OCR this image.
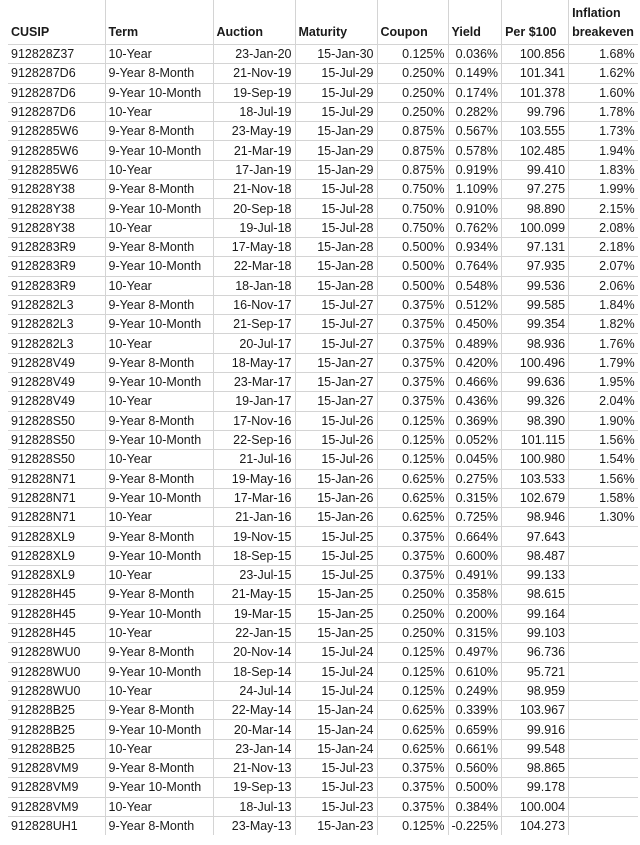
CUSIP	Term	Auction	Maturity	Coupon	Yield	Per $100	Inflation
breakeven
912828Z37	10-Year	23-Jan-20	15-Jan-30	0.125%	0.036%	100.856	1.68%
9128287D6	9-Year 8-Month	21-Nov-19	15-Jul-29	0.250%	0.149%	101.341	1.62%
9128287D6	9-Year 10-Month	19-Sep-19	15-Jul-29	0.250%	0.174%	101.378	1.60%
9128287D6	10-Year	18-Jul-19	15-Jul-29	0.250%	0.282%	99.796	1.78%
9128285W6	9-Year 8-Month	23-May-19	15-Jan-29	0.875%	0.567%	103.555	1.73%
9128285W6	9-Year 10-Month	21-Mar-19	15-Jan-29	0.875%	0.578%	102.485	1.94%
9128285W6	10-Year	17-Jan-19	15-Jan-29	0.875%	0.919%	99.410	1.83%
912828Y38	9-Year 8-Month	21-Nov-18	15-Jul-28	0.750%	1.109%	97.275	1.99%
912828Y38	9-Year 10-Month	20-Sep-18	15-Jul-28	0.750%	0.910%	98.890	2.15%
912828Y38	10-Year	19-Jul-18	15-Jul-28	0.750%	0.762%	100.099	2.08%
9128283R9	9-Year 8-Month	17-May-18	15-Jan-28	0.500%	0.934%	97.131	2.18%
9128283R9	9-Year 10-Month	22-Mar-18	15-Jan-28	0.500%	0.764%	97.935	2.07%
9128283R9	10-Year	18-Jan-18	15-Jan-28	0.500%	0.548%	99.536	2.06%
9128282L3	9-Year 8-Month	16-Nov-17	15-Jul-27	0.375%	0.512%	99.585	1.84%
9128282L3	9-Year 10-Month	21-Sep-17	15-Jul-27	0.375%	0.450%	99.354	1.82%
9128282L3	10-Year	20-Jul-17	15-Jul-27	0.375%	0.489%	98.936	1.76%
912828V49	9-Year 8-Month	18-May-17	15-Jan-27	0.375%	0.420%	100.496	1.79%
912828V49	9-Year 10-Month	23-Mar-17	15-Jan-27	0.375%	0.466%	99.636	1.95%
912828V49	10-Year	19-Jan-17	15-Jan-27	0.375%	0.436%	99.326	2.04%
912828S50	9-Year 8-Month	17-Nov-16	15-Jul-26	0.125%	0.369%	98.390	1.90%
912828S50	9-Year 10-Month	22-Sep-16	15-Jul-26	0.125%	0.052%	101.115	1.56%
912828S50	10-Year	21-Jul-16	15-Jul-26	0.125%	0.045%	100.980	1.54%
912828N71	9-Year 8-Month	19-May-16	15-Jan-26	0.625%	0.275%	103.533	1.56%
912828N71	9-Year 10-Month	17-Mar-16	15-Jan-26	0.625%	0.315%	102.679	1.58%
912828N71	10-Year	21-Jan-16	15-Jan-26	0.625%	0.725%	98.946	1.30%
912828XL9	9-Year 8-Month	19-Nov-15	15-Jul-25	0.375%	0.664%	97.643	
912828XL9	9-Year 10-Month	18-Sep-15	15-Jul-25	0.375%	0.600%	98.487	
912828XL9	10-Year	23-Jul-15	15-Jul-25	0.375%	0.491%	99.133	
912828H45	9-Year 8-Month	21-May-15	15-Jan-25	0.250%	0.358%	98.615	
912828H45	9-Year 10-Month	19-Mar-15	15-Jan-25	0.250%	0.200%	99.164	
912828H45	10-Year	22-Jan-15	15-Jan-25	0.250%	0.315%	99.103	
912828WU0	9-Year 8-Month	20-Nov-14	15-Jul-24	0.125%	0.497%	96.736	
912828WU0	9-Year 10-Month	18-Sep-14	15-Jul-24	0.125%	0.610%	95.721	
912828WU0	10-Year	24-Jul-14	15-Jul-24	0.125%	0.249%	98.959	
912828B25	9-Year 8-Month	22-May-14	15-Jan-24	0.625%	0.339%	103.967	
912828B25	9-Year 10-Month	20-Mar-14	15-Jan-24	0.625%	0.659%	99.916	
912828B25	10-Year	23-Jan-14	15-Jan-24	0.625%	0.661%	99.548	
912828VM9	9-Year 8-Month	21-Nov-13	15-Jul-23	0.375%	0.560%	98.865	
912828VM9	9-Year 10-Month	19-Sep-13	15-Jul-23	0.375%	0.500%	99.178	
912828VM9	10-Year	18-Jul-13	15-Jul-23	0.375%	0.384%	100.004	
912828UH1	9-Year 8-Month	23-May-13	15-Jan-23	0.125%	-0.225%	104.273	
